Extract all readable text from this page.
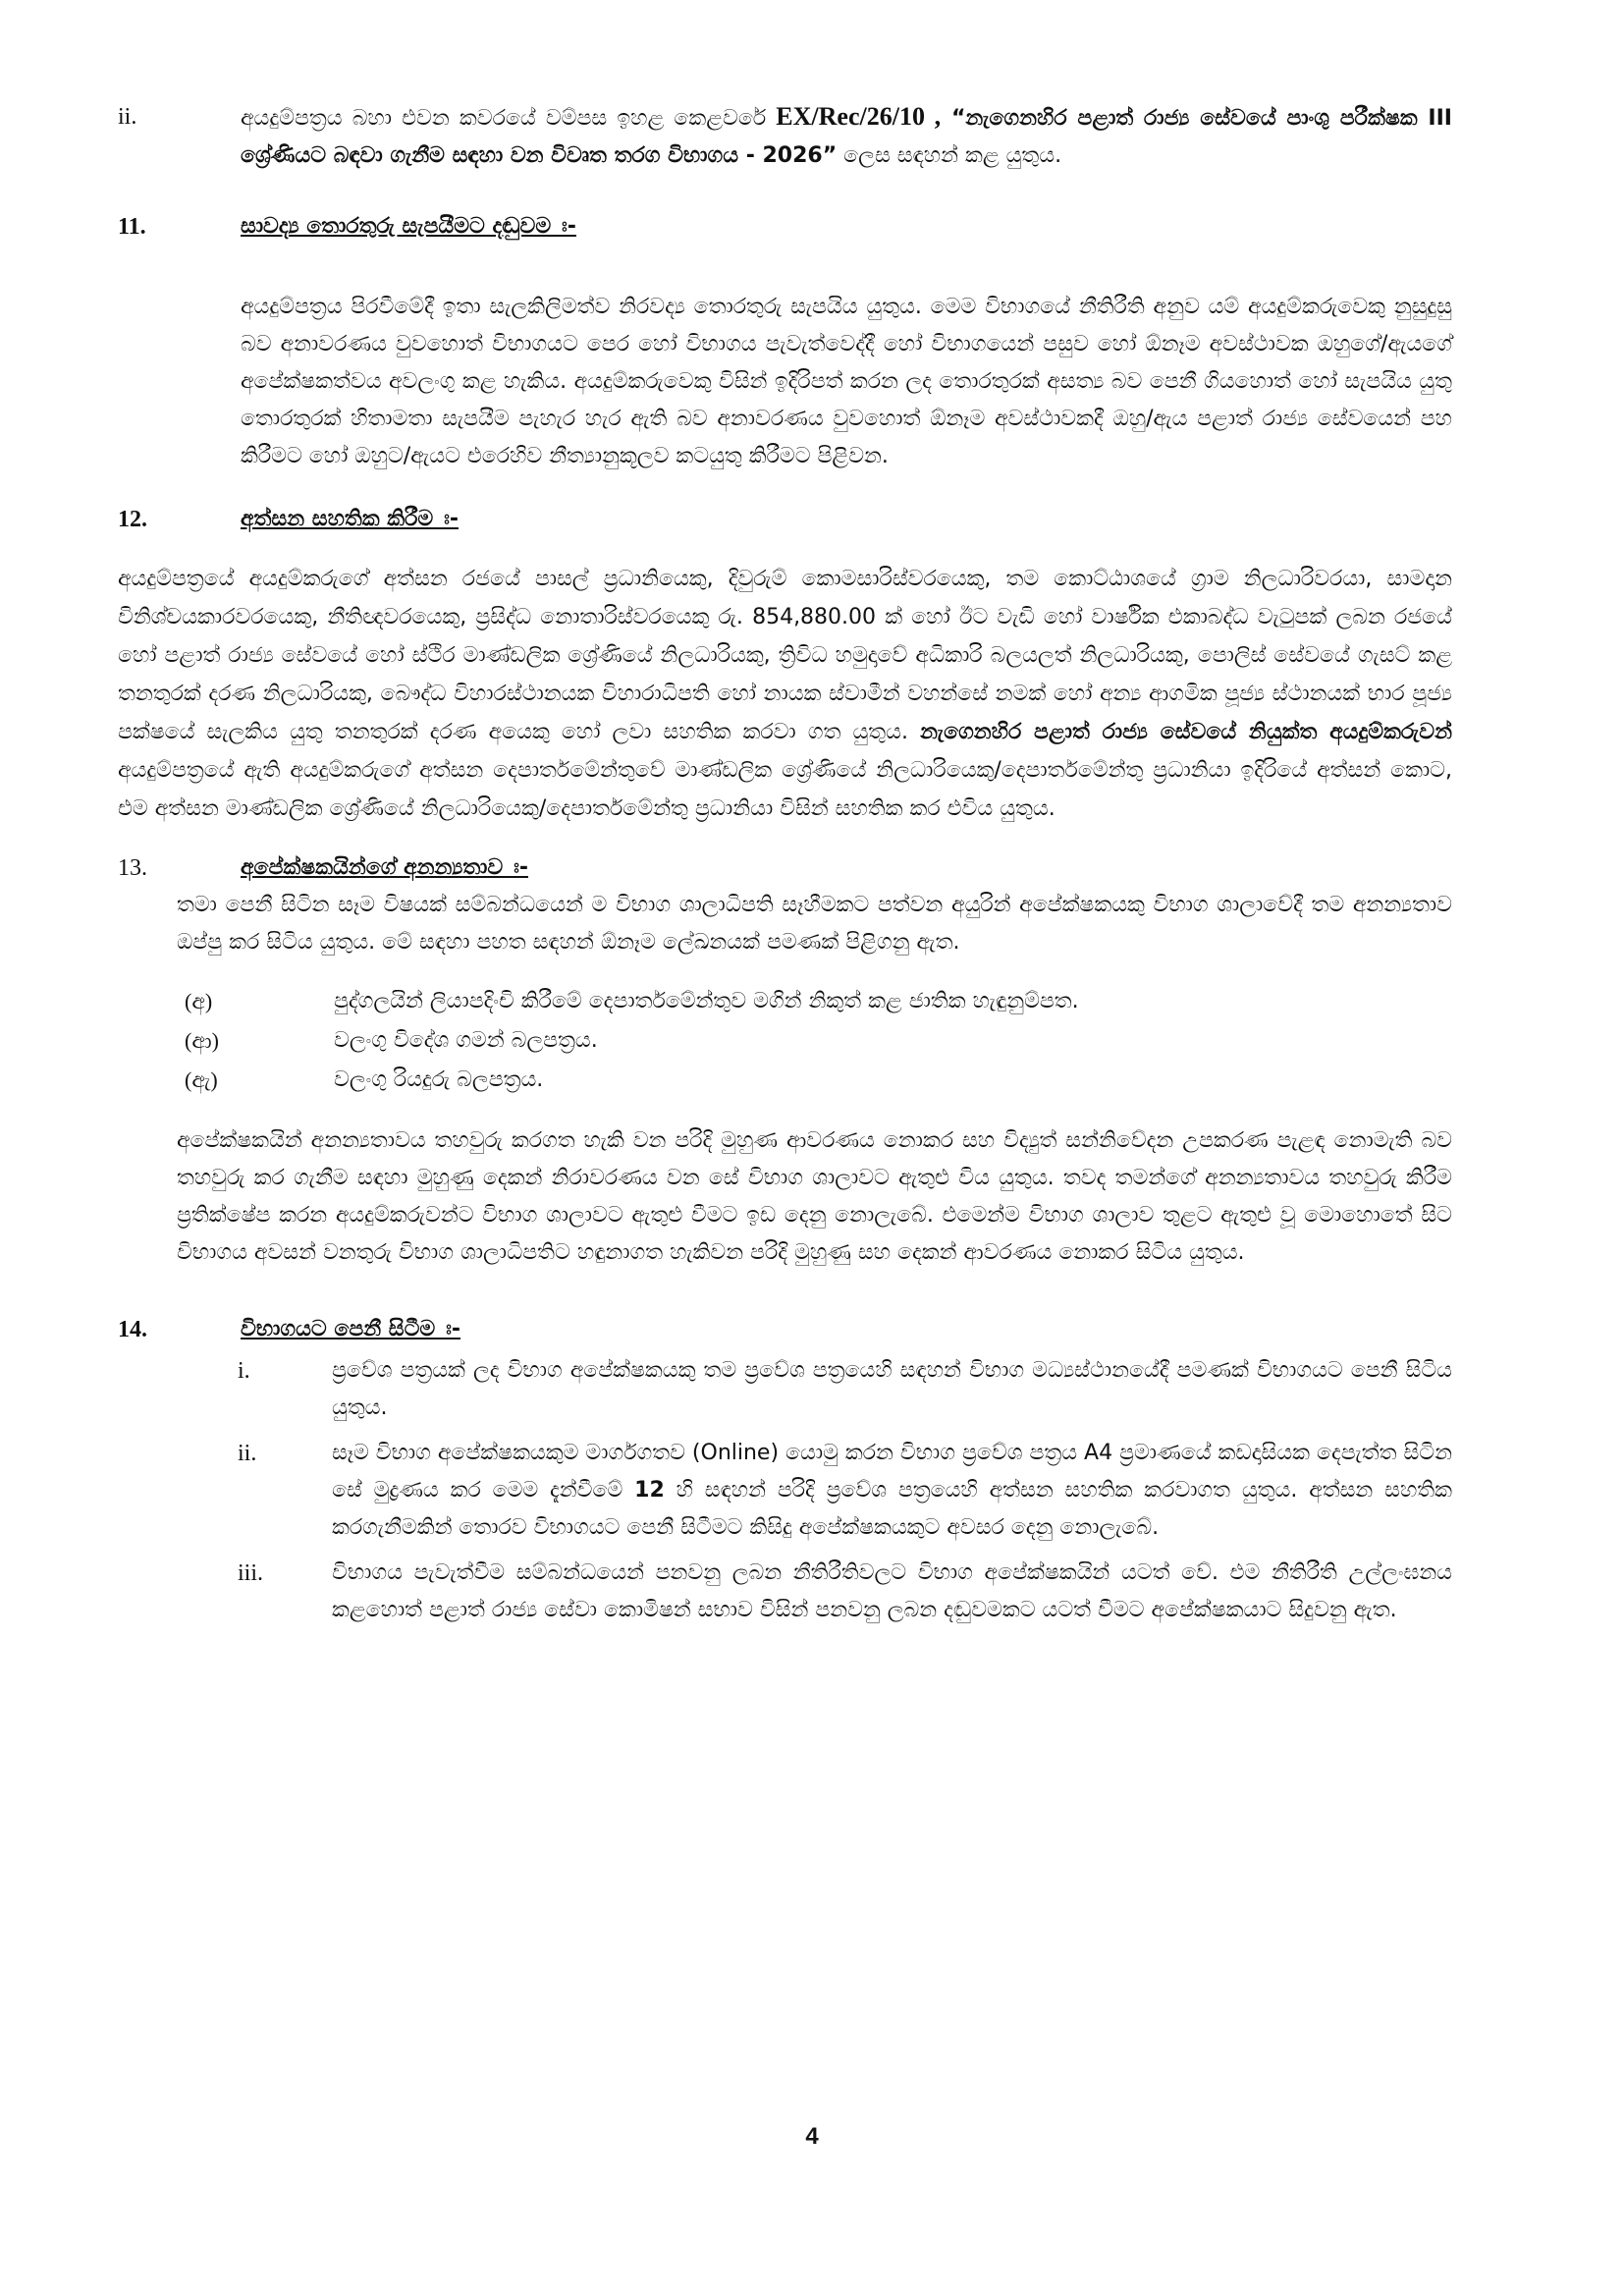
ii.	අයදුම්පත්‍රය බහා එවන කවරයේ වම්පස ඉහළ කෙළවරේ EX/Rec/26/10 , “නැගෙනහිර පළාත් රාජ්‍ය සේවයේ පාංශු පරීක්ෂක III ශ්‍රේණියට බඳවා ගැනීම සඳහා වන විවෘත තරග විභාගය - 2026” ලෙස සඳහන් කළ යුතුය.
11.	සාවද්‍ය තොරතුරු සැපයීමට දඬුවම ඃ-
අයදුම්පත්‍රය පිරවීමේදී ඉතා සැලකිලිමත්ව නිරවද්‍ය තොරතුරු සැපයිය යුතුය. මෙම විභාගයේ නීතිරීති අනුව යම් අයදුම්කරුවෙකු නුසුදුසු බව අනාවරණය වුවහොත් විභාගයට පෙර හෝ විභාගය පැවැත්වෙද්දී හෝ විභාගයෙන් පසුව හෝ ඕනෑම අවස්ථාවක ඔහුගේ/ඇයගේ අපේක්ෂකත්වය අවලංගු කළ හැකිය. අයදුම්කරුවෙකු විසින් ඉදිරිපත් කරන ලද තොරතුරක් අසත්‍ය බව පෙනී ගියහොත් හෝ සැපයිය යුතු තොරතුරක් හිතාමතා සැපයීම පැහැර හැර ඇති බව අනාවරණය වුවහොත් ඕනෑම අවස්ථාවකදී ඔහු/ඇය පළාත් රාජ්‍ය සේවයෙන් පහ කිරීමට හෝ ඔහුට/ඇයට එරෙහිව නීත්‍යානුකූලව කටයුතු කිරීමට පිළිවන.
12.	අත්සන සහතික කිරීම ඃ-
අයදුම්පත්‍රයේ අයදුම්කරුගේ අත්සන රජයේ පාසල් ප්‍රධානියෙකු, දිවුරුම් කොමසාරිස්වරයෙකු, තම කොට්ඨාශයේ ග්‍රාම නිලධාරිවරයා, සාමදාන විනිශ්චයකාරවරයෙකු, නීතිඥවරයෙකු, ප්‍රසිද්ධ නොතාරිස්වරයෙකු රු. 854,880.00 ක් හෝ ඊට වැඩි හෝ වාර්ෂික එකාබද්ධ වැටුපක් ලබන රජයේ හෝ පළාත් රාජ්‍ය සේවයේ හෝ ස්ථිර මාණ්ඩලික ශ්‍රේණියේ නිලධාරියකු, ත්‍රිවිධ හමුදාවේ අධිකාරි බලයලත් නිලධාරියකු, පොලිස් සේවයේ ගැසට් කළ තනතුරක් දරණ නිලධාරියකු, බෞද්ධ විහාරස්ථානයක විහාරාධිපති හෝ නායක ස්වාමීන් වහන්සේ නමක් හෝ අන්‍ය ආගමික පූජ්‍ය ස්ථානයක් භාර පූජ්‍ය පක්ෂයේ සැලකිය යුතු තනතුරක් දරණ අයෙකු හෝ ලවා සහතික කරවා ගත යුතුය. නැගෙනහිර පළාත් රාජ්‍ය සේවයේ නියුක්ත අයදුම්කරුවන් අයදුම්පත්‍රයේ ඇති අයදුම්කරුගේ අත්සන දෙපාර්තමේන්තුවේ මාණ්ඩලික ශ්‍රේණියේ නිලධාරියෙකු/දෙපාර්තමේන්තු ප්‍රධානියා ඉදිරියේ අත්සන් කොට, එම අත්සන මාණ්ඩලික ශ්‍රේණියේ නිලධාරියෙකු/දෙපාර්තමේන්තු ප්‍රධානියා විසින් සහතික කර එවිය යුතුය.
13.	අපේක්ෂකයින්ගේ අනන්‍යතාව ඃ-
තමා පෙනී සිටින සෑම විෂයක් සම්බන්ධයෙන් ම විභාග ශාලාධිපති සෑහීමකට පත්වන අයුරින් අපේක්ෂකයකු විභාග ශාලාවේදී තම අනන්‍යතාව ඔප්පු කර සිටිය යුතුය. මේ සඳහා පහත සඳහන් ඕනෑම ලේඛනයක් පමණක් පිළිගනු ඇත.
(අ)	පුද්ගලයින් ලියාපදිංචි කිරීමේ දෙපාර්තමේන්තුව මගින් නිකුත් කළ ජාතික හැඳුනුම්පත.
(ආ)	වලංගු විදේශ ගමන් බලපත්‍රය.
(ඇ)	වලංගු රියදුරු බලපත්‍රය.
අපේක්ෂකයින් අනන්‍යතාවය තහවුරු කරගත හැකි වන පරිදි මුහුණ ආවරණය නොකර සහ විද්‍යුත් සන්නිවේදන උපකරණ පැළඳ නොමැති බව තහවුරු කර ගැනීම සඳහා මුහුණු දෙකන් නිරාවරණය වන සේ විභාග ශාලාවට ඇතුළු විය යුතුය. තවද තමන්ගේ අනන්‍යතාවය තහවුරු කිරීම ප්‍රතික්ෂේප කරන අයදුම්කරුවන්ට විභාග ශාලාවට ඇතුළු වීමට ඉඩ දෙනු නොලැබේ. එමෙන්ම විභාග ශාලාව තුළට ඇතුළු වූ මොහොතේ සිට විභාගය අවසන් වනතුරු විභාග ශාලාධිපතිට හඳුනාගත හැකිවන පරිදි මුහුණු සහ දෙකන් ආවරණය නොකර සිටිය යුතුය.
14.	විභාගයට පෙනී සිටීම ඃ-
i.	ප්‍රවේශ පත්‍රයක් ලද විභාග අපේක්ෂකයකු තම ප්‍රවේශ පත්‍රයෙහි සඳහන් විභාග මධ්‍යස්ථානයේදී පමණක් විභාගයට පෙනී සිටිය යුතුය.
ii.	සෑම විභාග අපේක්ෂකයකුම මාර්ගගතව (Online) යොමු කරන විභාග ප්‍රවේශ පත්‍රය A4 ප්‍රමාණයේ කඩදාසියක දෙපැත්ත සිටින සේ මුද්‍රණය කර මෙම දැන්වීමේ 12 හි සඳහන් පරිදි ප්‍රවේශ පත්‍රයෙහි අත්සන සහතික කරවාගත යුතුය. අත්සන සහතික කරගැනීමකින් තොරව විභාගයට පෙනී සිටීමට කිසිදු අපේක්ෂකයකුට අවසර දෙනු නොලැබේ.
iii.	විභාගය පැවැත්වීම සම්බන්ධයෙන් පනවනු ලබන නීතිරීතිවලට විභාග අපේක්ෂකයින් යටත් වේ. එම නීතිරීති උල්ලංඝනය කළහොත් පළාත් රාජ්‍ය සේවා කොමිෂන් සභාව විසින් පනවනු ලබන දඬුවමකට යටත් වීමට අපේක්ෂකයාට සිදුවනු ඇත.
4
